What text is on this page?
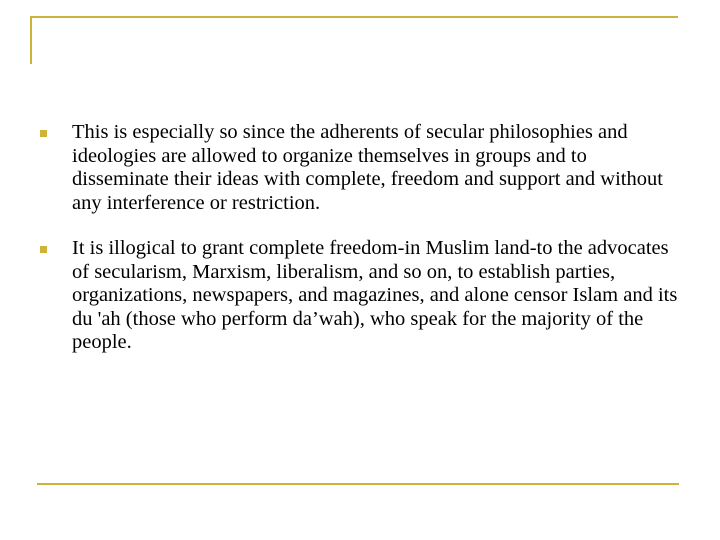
This is especially so since the adherents of secular philosophies and ideologies are allowed to organize themselves in groups and to disseminate their ideas with complete, freedom and support and without any interference or restriction.
It is illogical to grant complete freedom-in Muslim land-to the advocates of secularism, Marxism, liberalism, and so on, to establish parties, organizations, newspapers, and magazines, and alone censor Islam and its du 'ah (those who perform da’wah), who speak for the majority of the people.
